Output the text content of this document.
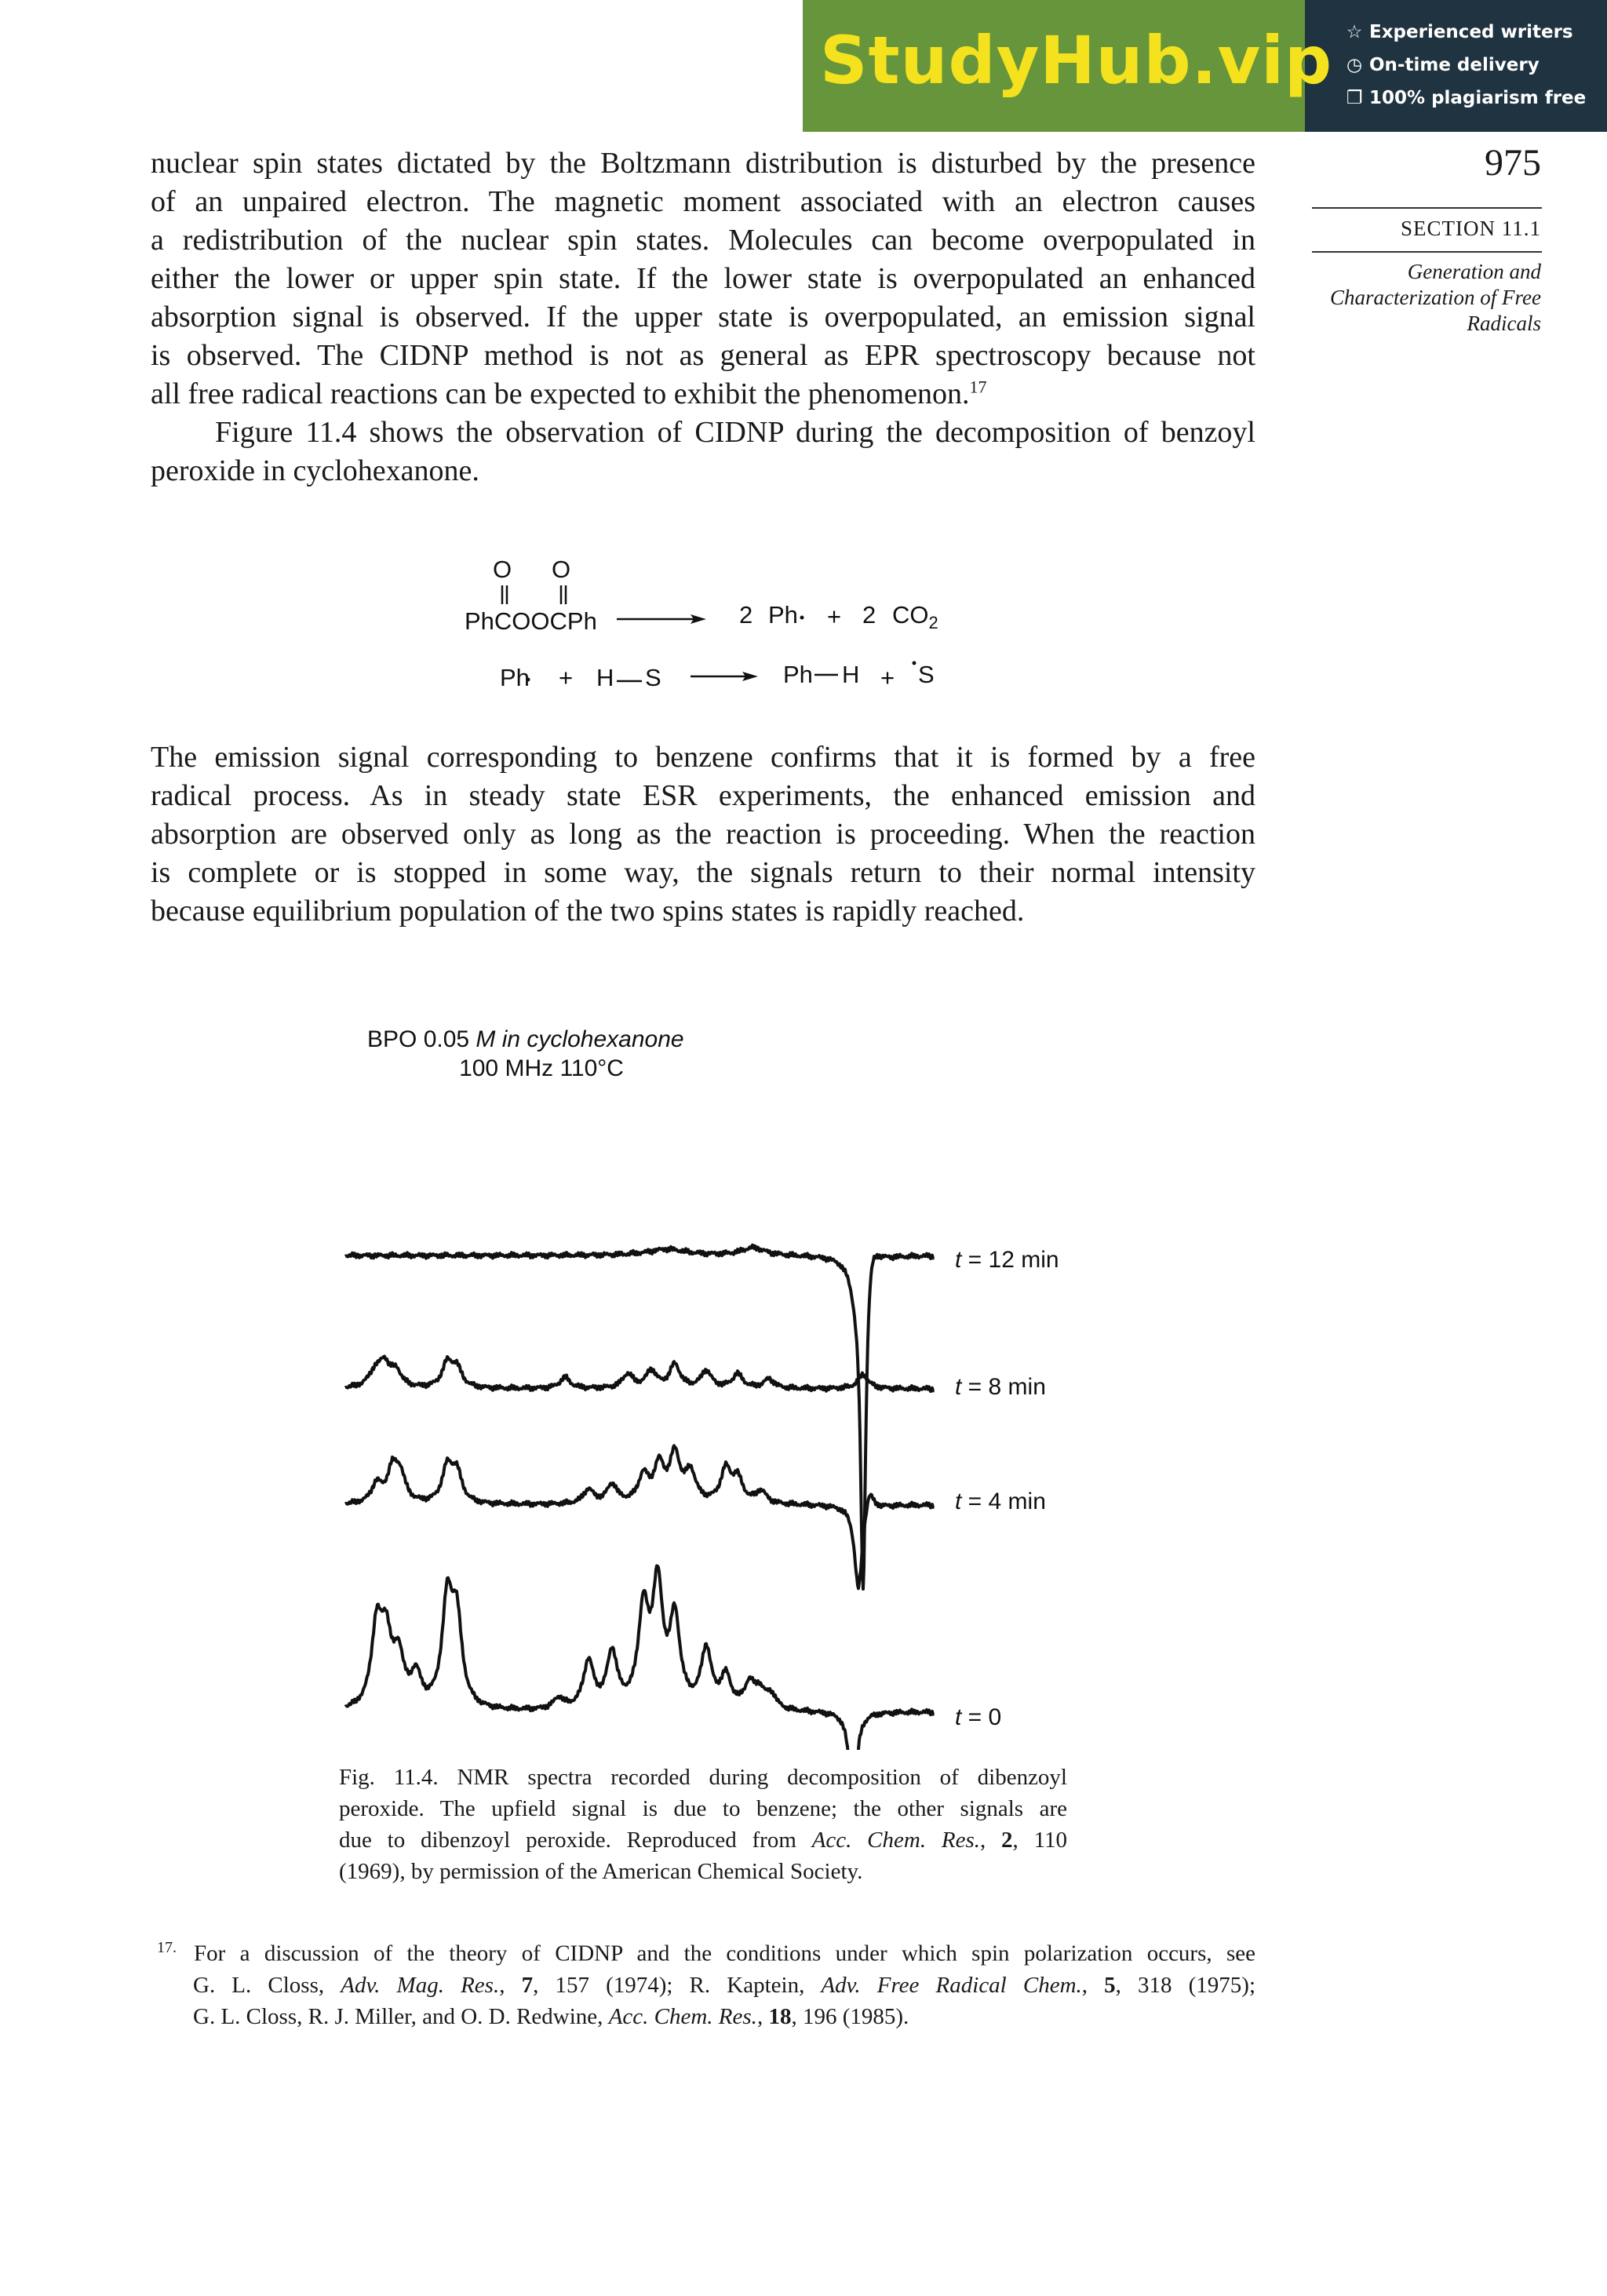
StudyHub.vip ☆ Experienced writers
◷ On-time delivery
❐ 100% plagiarism free
975
SECTION 11.1
Generation and
Characterization of Free
Radicals
nuclear spin states dictated by the Boltzmann distribution is disturbed by the presence
of an unpaired electron. The magnetic moment associated with an electron causes
a redistribution of the nuclear spin states. Molecules can become overpopulated in
either the lower or upper spin state. If the lower state is overpopulated an enhanced
absorption signal is observed. If the upper state is overpopulated, an emission signal
is observed. The CIDNP method is not as general as EPR spectroscopy because not
all free radical reactions can be expected to exhibit the phenomenon.$^{17}$
Figure 11.4 shows the observation of CIDNP during the decomposition of benzoyl
peroxide in cyclohexanone.
O O
PhCOOCPh	2 Ph + 2 $CO_2$
Ph + H S	Ph H + S
The emission signal corresponding to benzene confirms that it is formed by a free
radical process. As in steady state ESR experiments, the enhanced emission and
absorption are observed only as long as the reaction is proceeding. When the reaction
is complete or is stopped in some way, the signals return to their normal intensity
because equilibrium population of the two spins states is rapidly reached.
BPO 0.05 M in cyclohexanone
100 MHz 110°C
t = 12 min
t = 8 min
t = 4 min
t = 0
Fig. 11.4. NMR spectra recorded during decomposition of dibenzoyl
peroxide. The upfield signal is due to benzene; the other signals are
due to dibenzoyl peroxide. Reproduced from Acc. Chem. Res., 2, 110
(1969), by permission of the American Chemical Society.
$^{17.}$ For a discussion of the theory of CIDNP and the conditions under which spin polarization occurs, see
G. L. Closs, Adv. Mag. Res., 7, 157 (1974); R. Kaptein, Adv. Free Radical Chem., 5, 318 (1975);
G. L. Closs, R. J. Miller, and O. D. Redwine, Acc. Chem. Res., 18, 196 (1985).
